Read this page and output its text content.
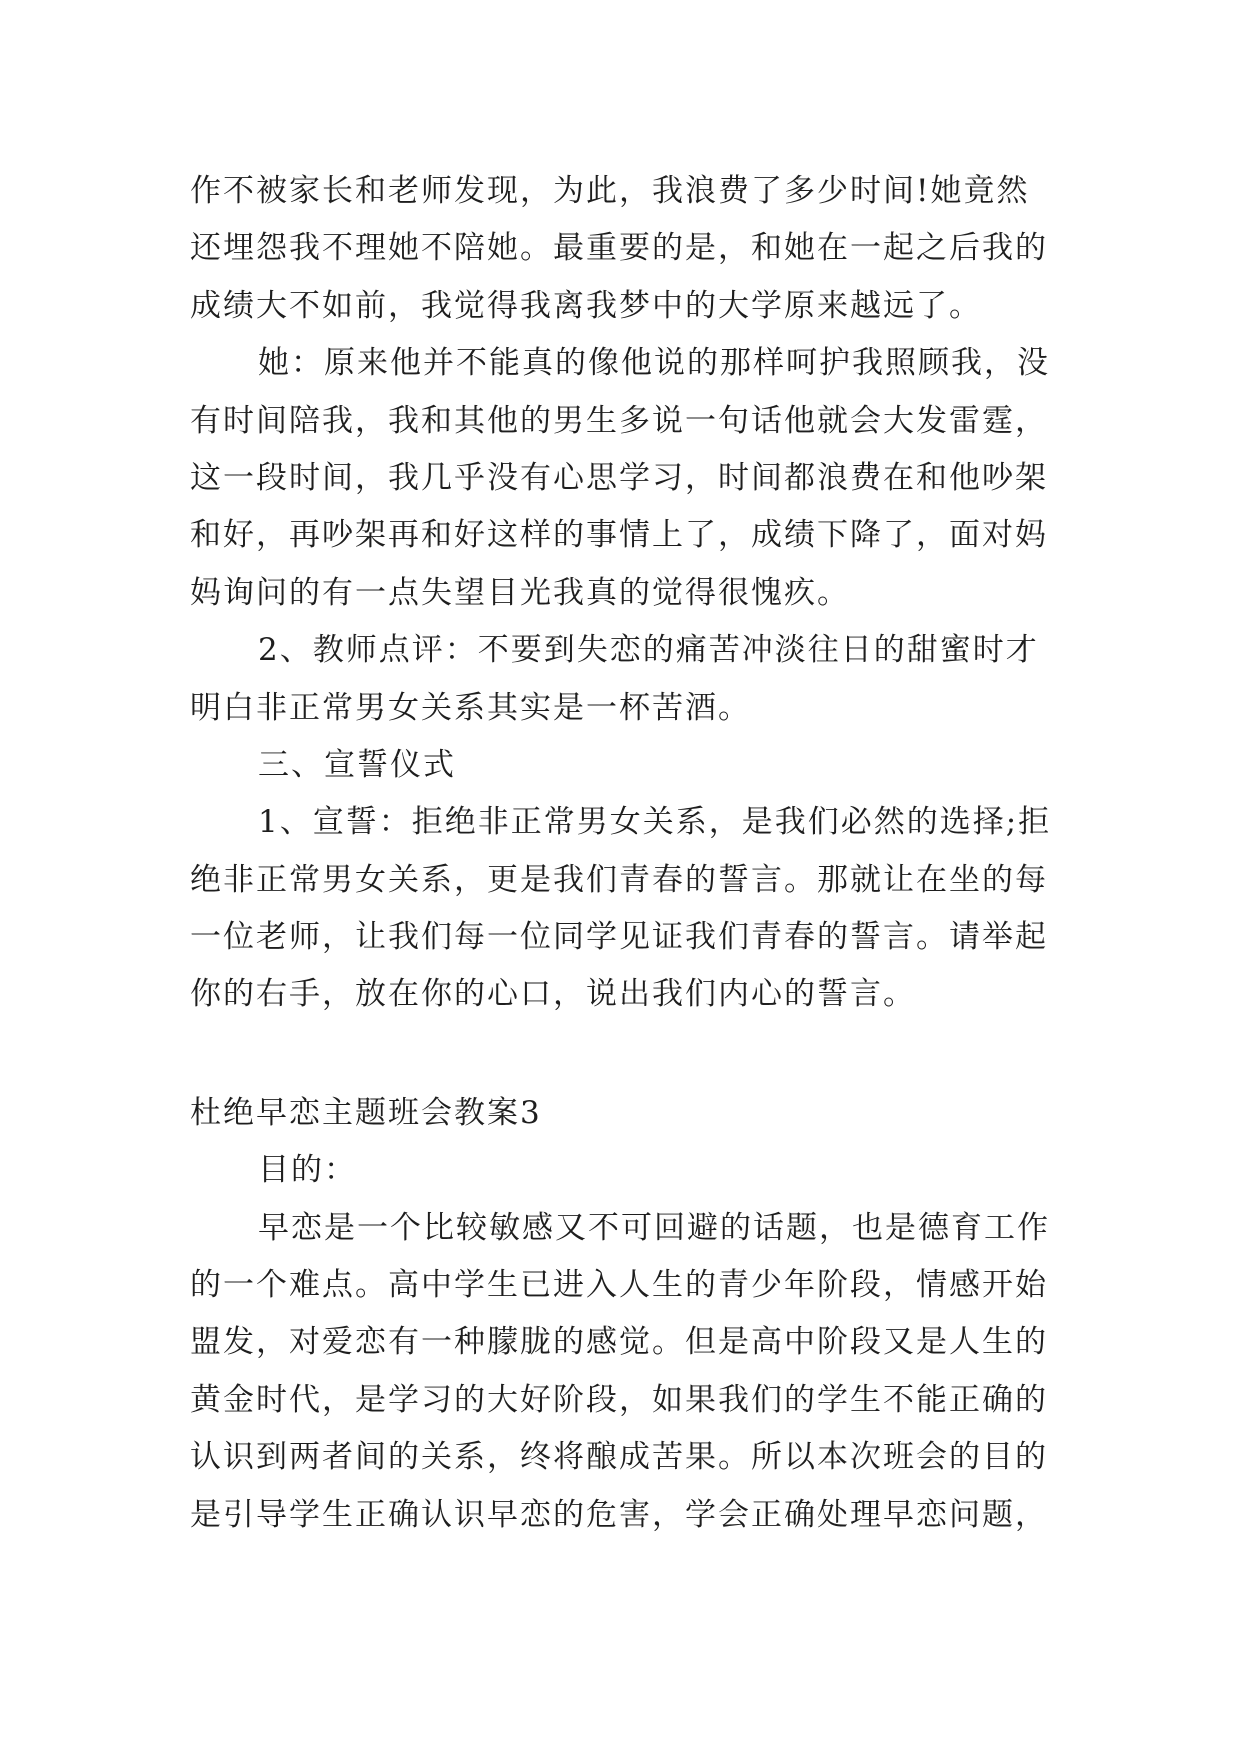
作不被家长和老师发现，为此，我浪费了多少时间!她竟然
还埋怨我不理她不陪她。最重要的是，和她在一起之后我的
成绩大不如前，我觉得我离我梦中的大学原来越远了。
她：原来他并不能真的像他说的那样呵护我照顾我，没
有时间陪我，我和其他的男生多说一句话他就会大发雷霆，
这一段时间，我几乎没有心思学习，时间都浪费在和他吵架
和好，再吵架再和好这样的事情上了，成绩下降了，面对妈
妈询问的有一点失望目光我真的觉得很愧疚。
2、教师点评：不要到失恋的痛苦冲淡往日的甜蜜时才
明白非正常男女关系其实是一杯苦酒。
三、宣誓仪式
1、宣誓：拒绝非正常男女关系，是我们必然的选择;拒
绝非正常男女关系，更是我们青春的誓言。那就让在坐的每
一位老师，让我们每一位同学见证我们青春的誓言。请举起
你的右手，放在你的心口，说出我们内心的誓言。
杜绝早恋主题班会教案3
目的：
早恋是一个比较敏感又不可回避的话题，也是德育工作
的一个难点。高中学生已进入人生的青少年阶段，情感开始
盟发，对爱恋有一种朦胧的感觉。但是高中阶段又是人生的
黄金时代，是学习的大好阶段，如果我们的学生不能正确的
认识到两者间的关系，终将酿成苦果。所以本次班会的目的
是引导学生正确认识早恋的危害，学会正确处理早恋问题，
